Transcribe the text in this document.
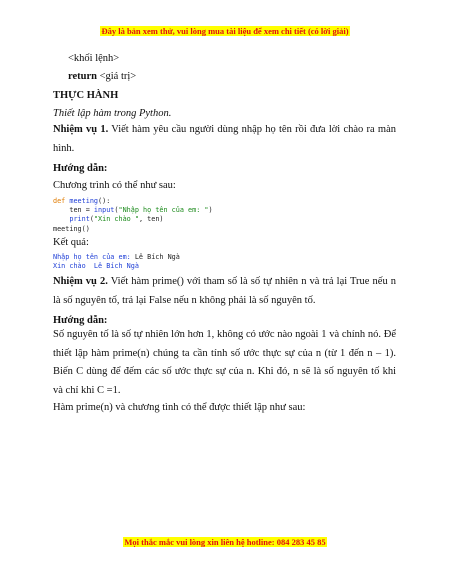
Đây là bản xem thử, vui lòng mua tài liệu để xem chi tiết (có lời giải)
<khối lệnh>
return <giá trị>
THỰC HÀNH
Thiết lập hàm trong Python.
Nhiệm vụ 1. Viết hàm yêu cầu người dùng nhập họ tên rồi đưa lời chào ra màn hình.
Hướng dẫn:
Chương trình có thể như sau:
def meeting():
ten = input("Nhập họ tên của em: ")
print("Xin chào ", ten)
meeting()
Kết quả:
Nhập họ tên của em: Lê Bích Ngà
Xin chào  Lê Bích Ngà
Nhiệm vụ 2. Viết hàm prime() với tham số là số tự nhiên n và trả lại True nếu n là số nguyên tố, trả lại False nếu n không phải là số nguyên tố.
Hướng dẫn:
Số nguyên tố là số tự nhiên lớn hơn 1, không có ước nào ngoài 1 và chính nó. Để thiết lập hàm prime(n) chúng ta cần tính số ước thực sự của n (từ 1 đến n – 1). Biến C dùng để đếm các số ước thực sự của n. Khi đó, n sẽ là số nguyên tố khi và chỉ khi C =1.
Hàm prime(n) và chương tình có thể được thiết lập như sau:
Mọi thắc mắc vui lòng xin liên hệ hotline: 084 283 45 85
